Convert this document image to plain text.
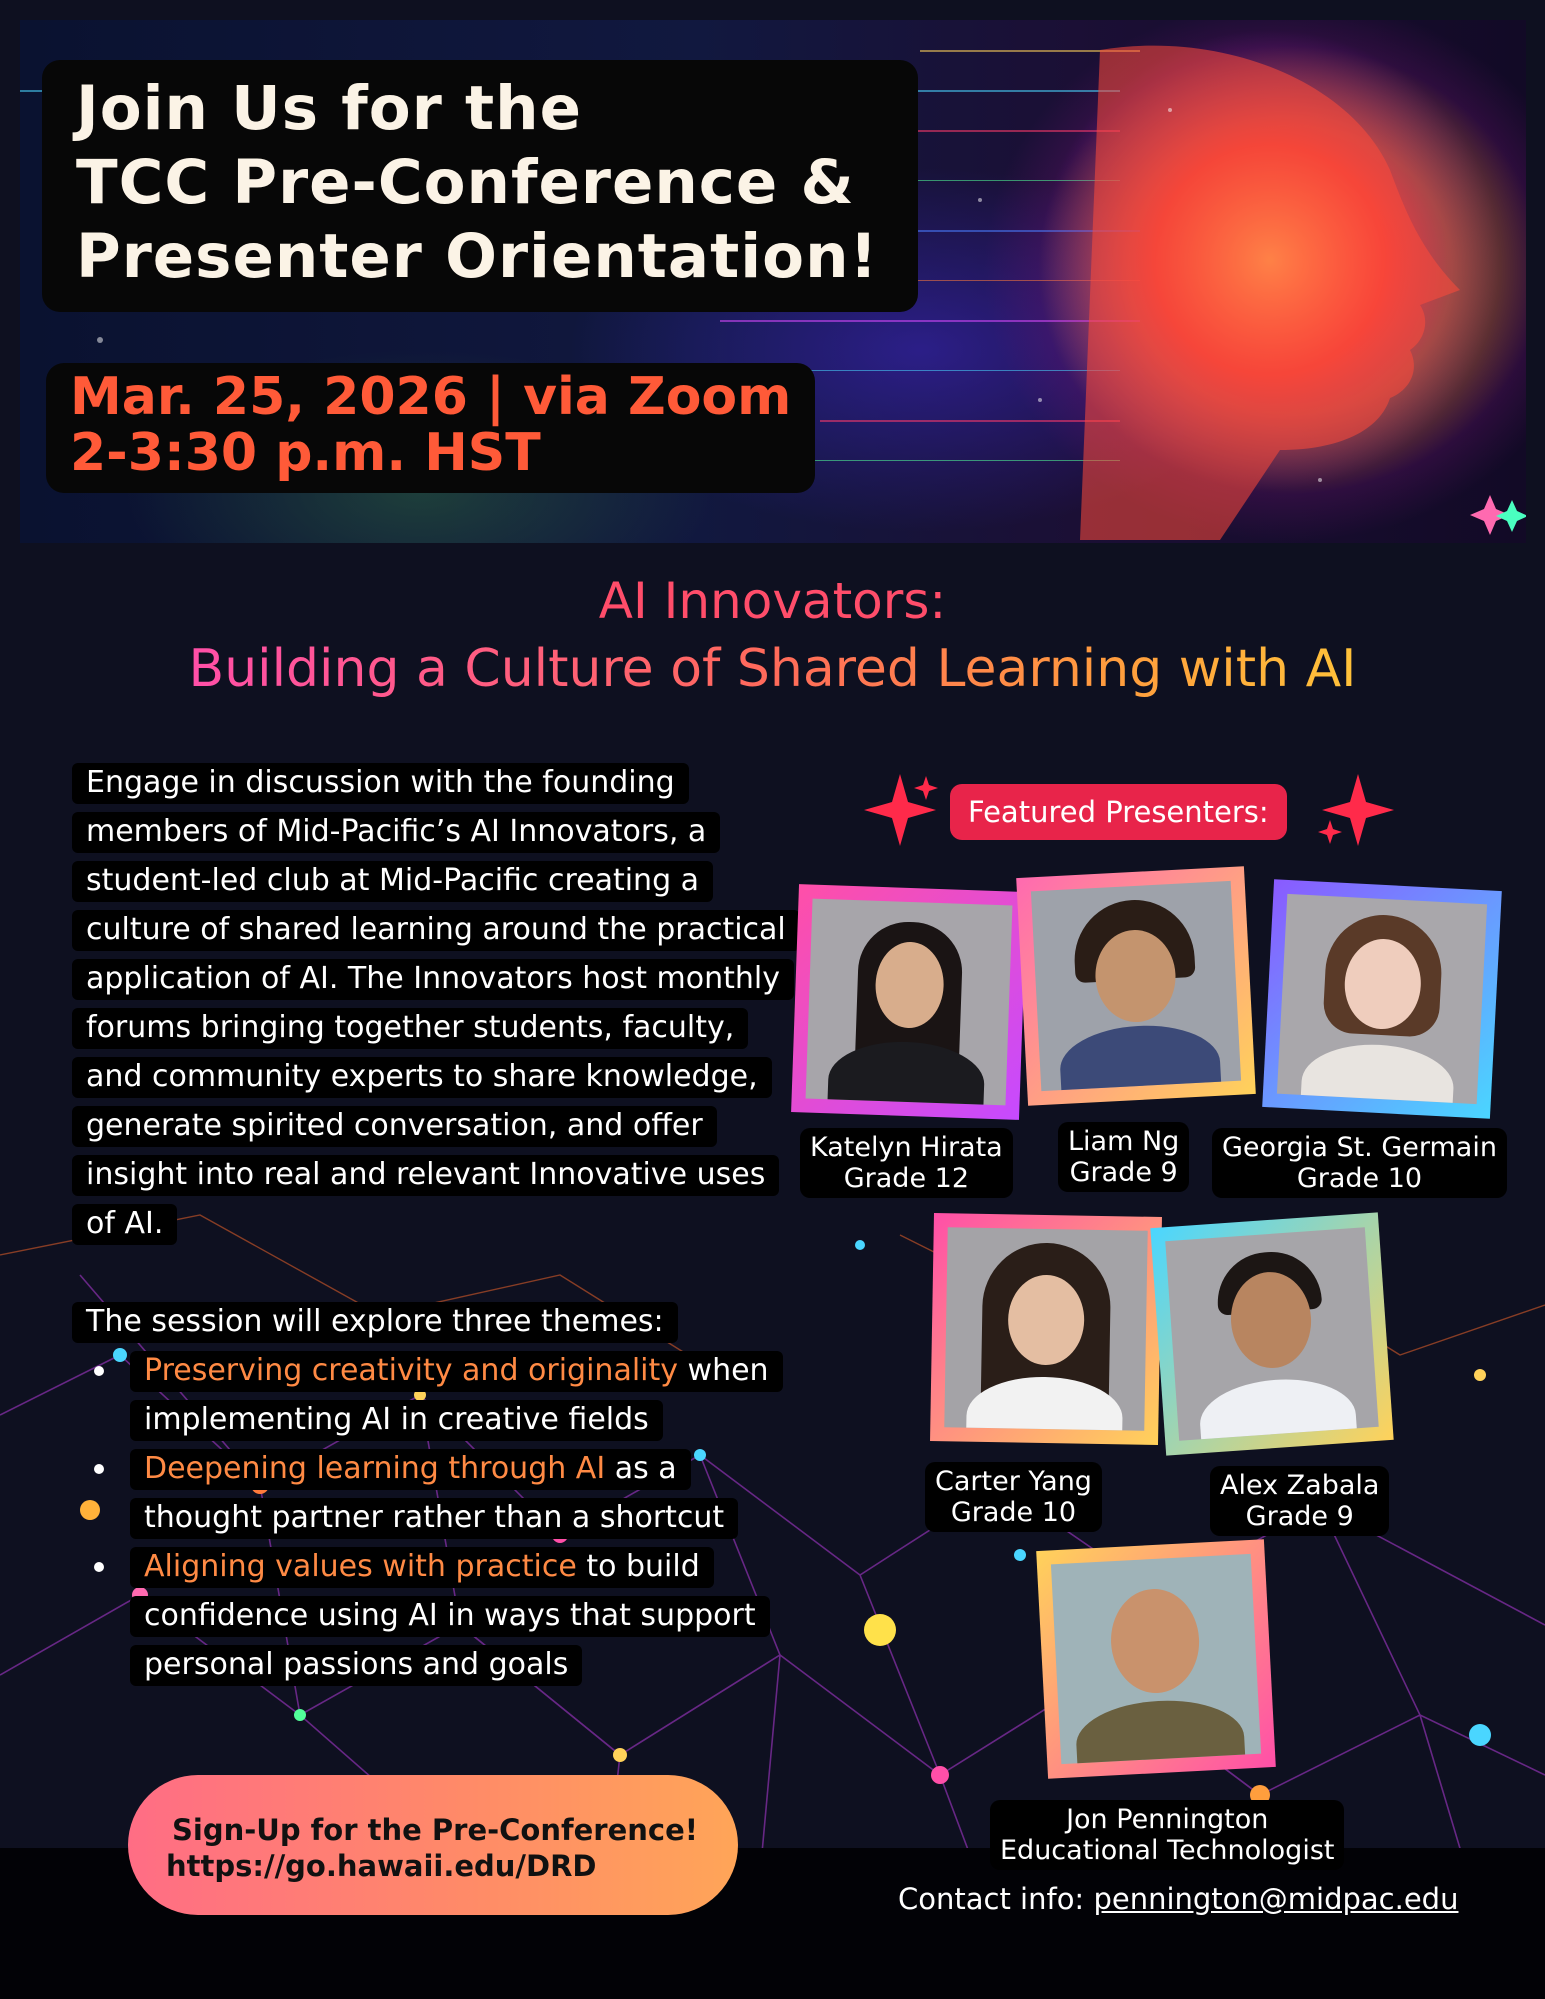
Join Us for the
TCC Pre-Conference &
Presenter Orientation!
Mar. 25, 2026 | via Zoom
2-3:30 p.m. HST
AI Innovators:
Building a Culture of Shared Learning with AI

Engage in discussion with the founding members of Mid-Pacific’s AI Innovators, a student-led club at Mid-Pacific creating a culture of shared learning around the practical application of AI. The Innovators host monthly forums bringing together students, faculty, and community experts to share knowledge, generate spirited conversation, and offer insight into real and relevant Innovative uses of AI.

The session will explore three themes:

Preserving creativity and originality when implementing AI in creative fields
Deepening learning through AI as a thought partner rather than a shortcut
Aligning values with practice to build confidence using AI in ways that support personal passions and goals
Featured Presenters:
Katelyn Hirata
Grade 12
Liam Ng
Grade 9
Georgia St. Germain
Grade 10
Carter Yang
Grade 10
Alex Zabala
Grade 9
Jon Pennington
Educational Technologist
Sign-Up for the Pre-Conference!
https://go.hawaii.edu/DRD
Contact info: pennington@midpac.edu
